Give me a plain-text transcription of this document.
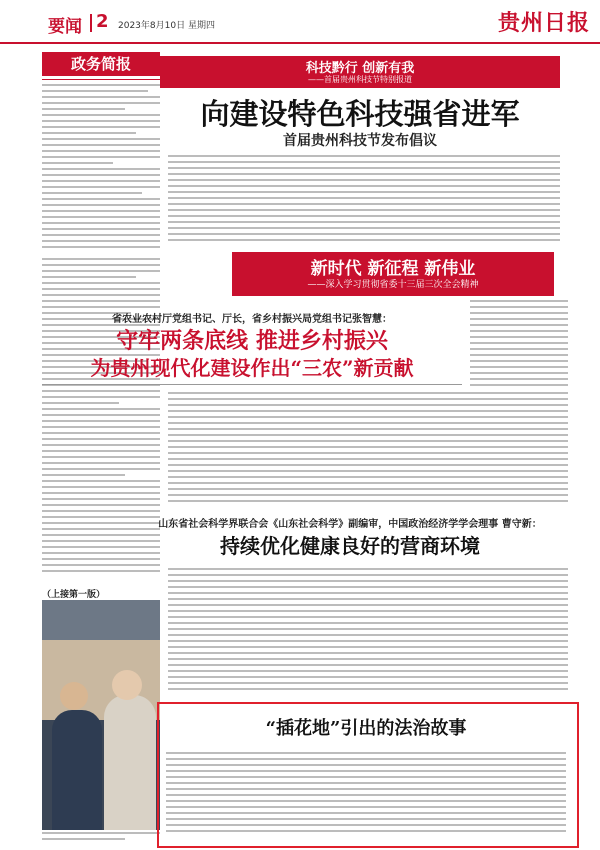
要闻 2 2023年8月10日 星期四	贵州日报
政务简报	科技黔行 创新有我
——首届贵州科技节特别报道
向建设特色科技强省进军
首届贵州科技节发布倡议
新时代 新征程 新伟业
——深入学习贯彻省委十三届三次全会精神
省农业农村厅党组书记、厅长，省乡村振兴局党组书记张智慧：
守牢两条底线 推进乡村振兴
为贵州现代化建设作出“三农”新贡献
山东省社会科学界联合会《山东社会科学》副编审，中国政治经济学学会理事 曹守新：
持续优化健康良好的营商环境
（上接第一版）
“插花地”引出的法治故事
